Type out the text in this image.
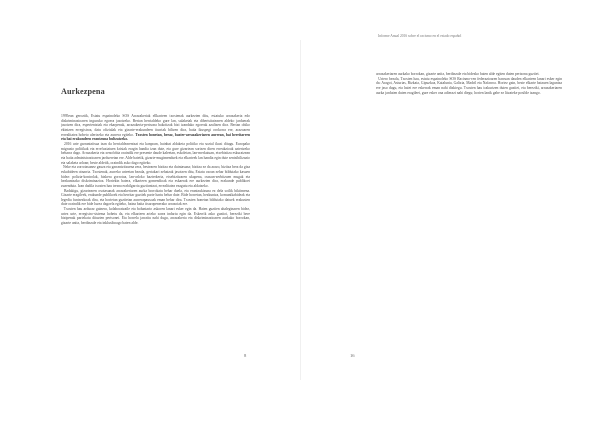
Aurkezpena

1995ean geroztik, Estatu espainoleko SOS Arrazakeriak ellkarteen txostenak aurkezten ditu, estatuko arrazakeria edo diskriminazioaren inguruko egoera jasotzeko. Bertan herrialdeko gure lan, salaketak eta dibertsitatearen aldeko jarduerak jasotzen dira, esperientziak eta ekarpenak, arrazakeria-pertsona bakoitzak bizi izandako egoerak azaltzen dira. Bertan ohiko ekintzen erregistroa, datu ofizialak eta gizarte-erakundeen iturriak biltzen dira, baita ikuspegi orokorra ere, arazoaren errealitatea hobeto ulertzeko eta aurrera egiteko. Txosten honetan, beraz, bazter-arrazakeriaren aurrean, bai herritarren eta bai erakundeen erantzuna bultzatzeko.

2016 urte garrantzitsua izan da herrialdearentzat eta kanpoan, hainbat aldaketa politiko eta sozial ikusi ditugu. Europako migrazio politikak eta errefuxiatuen krisiak eragin handia izan dute, eta gure gizartean sortzen diren erreakzioak aztertzeko beharra dago. Arrazakeria eta xenofobia oraindik ere presente daude kaleetan, eskoletan, lan-merkatuan, etxebizitza eskuratzean eta baita administrazioaren jardueretan ere. Alde batetik, gizarte-mugimenduek eta elkarteek lan handia egin dute sentsibilizazio eta salaketa arloan; beste aldetik, oraindik asko dago egiteko.

Neke eta zorrotasunez gauza eta garrantzitsuena zera, bestearen bizitza eta duintasuna; bizitza ez da arazo, bizitza bera da giza eskubideen oinarria. Txostenak, aurreko urteetan bezala, gertakari zehatzak jasotzen ditu, Estatu osoan zehar bildutako kasuen bidez: polizia-kontrolak, hizkera gorrotoa, lan-arloko bazterkeria, etxebizitzaren ukapena, osasun-zerbitzuen mugak eta hezkuntzako diskriminazioa. Horiekin batera, elkarteen gomendioak eta eskaerak ere aurkezten dira, erakunde publikoei zuzenduta. Izan dadila txosten hau tresna erabilgarria guztiontzat, errealitatea ezagutu eta aldatzeko.

Badakigu, gizartearen osotasunak arrazakeriaren aurka borrokatu behar duela, eta erantzukizuna ez dela soilik biktimena. Gizarte eragileek, erakunde publikoek eta herritar guztiek parte hartu behar dute. Bide horretan, hezkuntza, komunikabideak eta legedia funtsezkoak dira, eta horietan guztietan aurrerapausoak eman behar dira. Txosten honetan bildutako datuek erakusten dute oraindik ere bide luzea dagoela egiteko, baina baita itxaropenerako arrazoiak ere.

Txosten hau arduraz gainera, kolaboratzaile eta boluntario askoren lanari esker egin da. Haien guztien ahaleginaren bidez, urtez urte, erregistro-sistema hobetu da, eta elkarteen arteko sarea indartu egin da. Eskerrik asko guztioi, bereziki bere bizipenak partekatu dituzten pertsonei. Eta horrela jarraitu nahi dugu, arrazakeria eta diskriminazioaren aurkako borrokan, gizarte anitz, berdinzale eta inklusiboago baten alde.

8
Informe Anual 2016 sobre el racismo en el estado español

arrazakeriaren aurkako borrokan, gizarte anitz, berdinzale eta bidezko baten alde egiten duten pertsona guztiei.

Urtero bezala, Txosten hau, estatu espainoleko SOS Racismo-ren federazioaren barruan dauden elkarteen lanari esker egin da: Aragoi, Asturias, Bizkaia, Gipuzkoa, Katalunia, Galizia, Madril eta Nafarroa. Horiez gain, beste elkarte batzuen laguntza ere jaso dugu, eta haiei ere eskerrak eman nahi dizkiegu. Txosten hau irakurtzen duten guztiei, eta bereziki, arrazakeriaren aurka jarduten duten eragileei, gure esker ona adierazi nahi diegu; horien lanik gabe ez litzateke posible izango.

16
